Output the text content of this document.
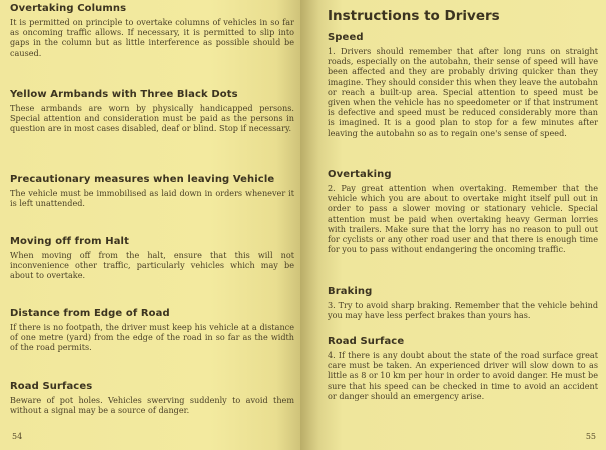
Overtaking Columns

It is permitted on principle to overtake columns of vehicles in so far as oncoming traffic allows. If necessary, it is permitted to slip into gaps in the column but as little interference as possible should be caused.

Yellow Armbands with Three Black Dots

These armbands are worn by physically handicapped persons. Special attention and consideration must be paid as the persons in question are in most cases disabled, deaf or blind. Stop if necessary.

Precautionary measures when leaving Vehicle

The vehicle must be immobilised as laid down in orders whenever it is left unattended.

Moving off from Halt

When moving off from the halt, ensure that this will not inconvenience other traffic, particularly vehicles which may be about to overtake.

Distance from Edge of Road

If there is no footpath, the driver must keep his vehicle at a distance of one metre (yard) from the edge of the road in so far as the width of the road permits.

Road Surfaces

Beware of pot holes. Vehicles swerving suddenly to avoid them without a signal may be a source of danger.

54
Instructions to Drivers
Speed

1. Drivers should remember that after long runs on straight roads, especially on the autobahn, their sense of speed will have been affected and they are probably driving quicker than they imagine. They should consider this when they leave the autobahn or reach a built-up area. Special attention to speed must be given when the vehicle has no speedometer or if that instrument is defective and speed must be reduced considerably more than is imagined. It is a good plan to stop for a few minutes after leaving the autobahn so as to regain one's sense of speed.

Overtaking

2. Pay great attention when overtaking. Remember that the vehicle which you are about to overtake might itself pull out in order to pass a slower moving or stationary vehicle. Special attention must be paid when overtaking heavy German lorries with trailers. Make sure that the lorry has no reason to pull out for cyclists or any other road user and that there is enough time for you to pass without endangering the oncoming traffic.

Braking

3. Try to avoid sharp braking. Remember that the vehicle behind you may have less perfect brakes than yours has.

Road Surface

4. If there is any doubt about the state of the road surface great care must be taken. An experienced driver will slow down to as little as 8 or 10 km per hour in order to avoid danger. He must be sure that his speed can be checked in time to avoid an accident or danger should an emergency arise.

55
